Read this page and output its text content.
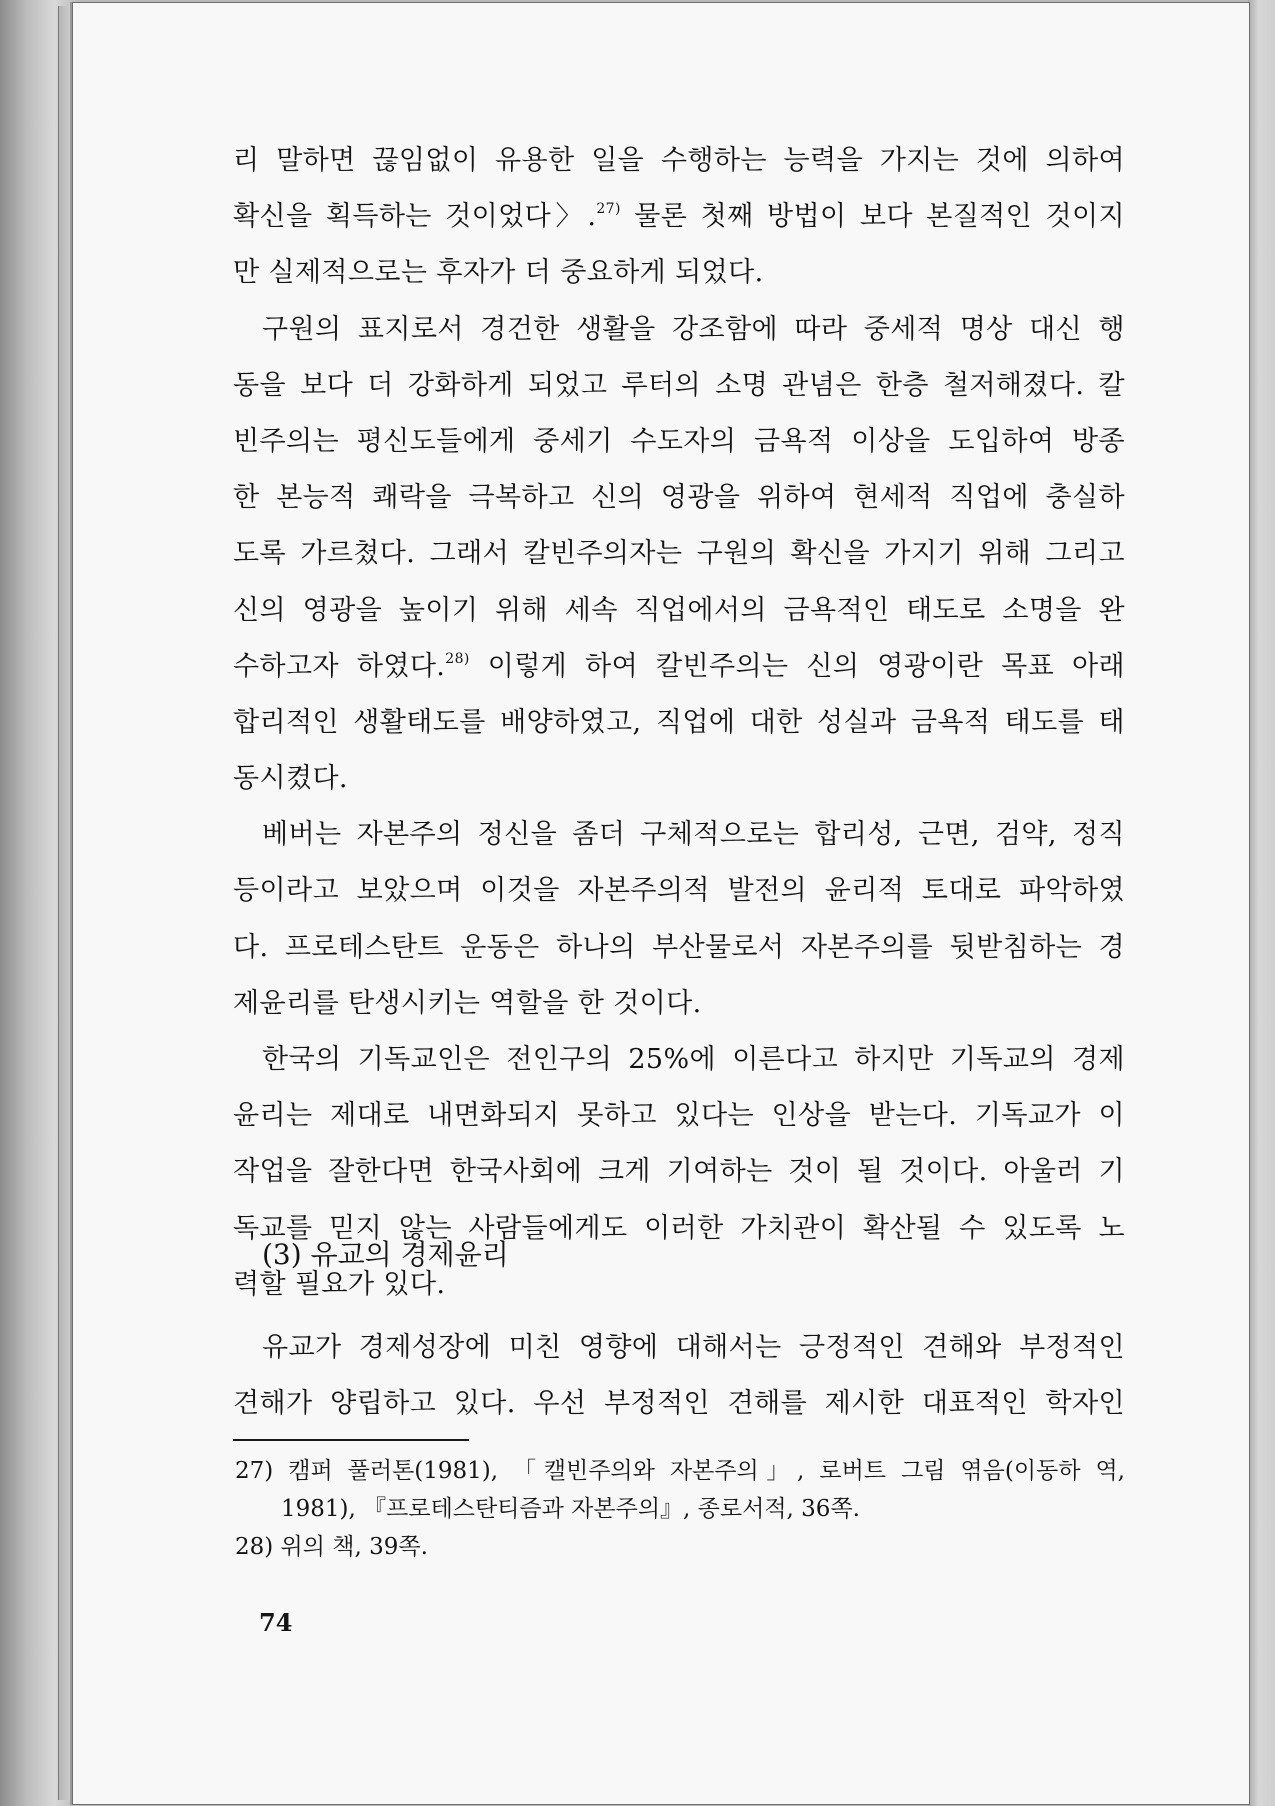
리 말하면 끊임없이 유용한 일을 수행하는 능력을 가지는 것에 의하여
확신을 획득하는 것이었다〉.$^{27)}$ 물론 첫째 방법이 보다 본질적인 것이지
만 실제적으로는 후자가 더 중요하게 되었다.
구원의 표지로서 경건한 생활을 강조함에 따라 중세적 명상 대신 행
동을 보다 더 강화하게 되었고 루터의 소명 관념은 한층 철저해졌다. 칼
빈주의는 평신도들에게 중세기 수도자의 금욕적 이상을 도입하여 방종
한 본능적 쾌락을 극복하고 신의 영광을 위하여 현세적 직업에 충실하
도록 가르쳤다. 그래서 칼빈주의자는 구원의 확신을 가지기 위해 그리고
신의 영광을 높이기 위해 세속 직업에서의 금욕적인 태도로 소명을 완
수하고자 하였다.$^{28)}$ 이렇게 하여 칼빈주의는 신의 영광이란 목표 아래
합리적인 생활태도를 배양하였고, 직업에 대한 성실과 금욕적 태도를 태
동시켰다.
베버는 자본주의 정신을 좀더 구체적으로는 합리성, 근면, 검약, 정직
등이라고 보았으며 이것을 자본주의적 발전의 윤리적 토대로 파악하였
다. 프로테스탄트 운동은 하나의 부산물로서 자본주의를 뒷받침하는 경
제윤리를 탄생시키는 역할을 한 것이다.
한국의 기독교인은 전인구의 25%에 이른다고 하지만 기독교의 경제
윤리는 제대로 내면화되지 못하고 있다는 인상을 받는다. 기독교가 이
작업을 잘한다면 한국사회에 크게 기여하는 것이 될 것이다. 아울러 기
독교를 믿지 않는 사람들에게도 이러한 가치관이 확산될 수 있도록 노
력할 필요가 있다.
(3) 유교의 경제윤리
유교가 경제성장에 미친 영향에 대해서는 긍정적인 견해와 부정적인
견해가 양립하고 있다. 우선 부정적인 견해를 제시한 대표적인 학자인
27) 캠퍼 풀러톤(1981), 「캘빈주의와 자본주의」, 로버트 그림 엮음(이동하 역,
1981), 『프로테스탄티즘과 자본주의』, 종로서적, 36쪽.
28) 위의 책, 39쪽.
74
